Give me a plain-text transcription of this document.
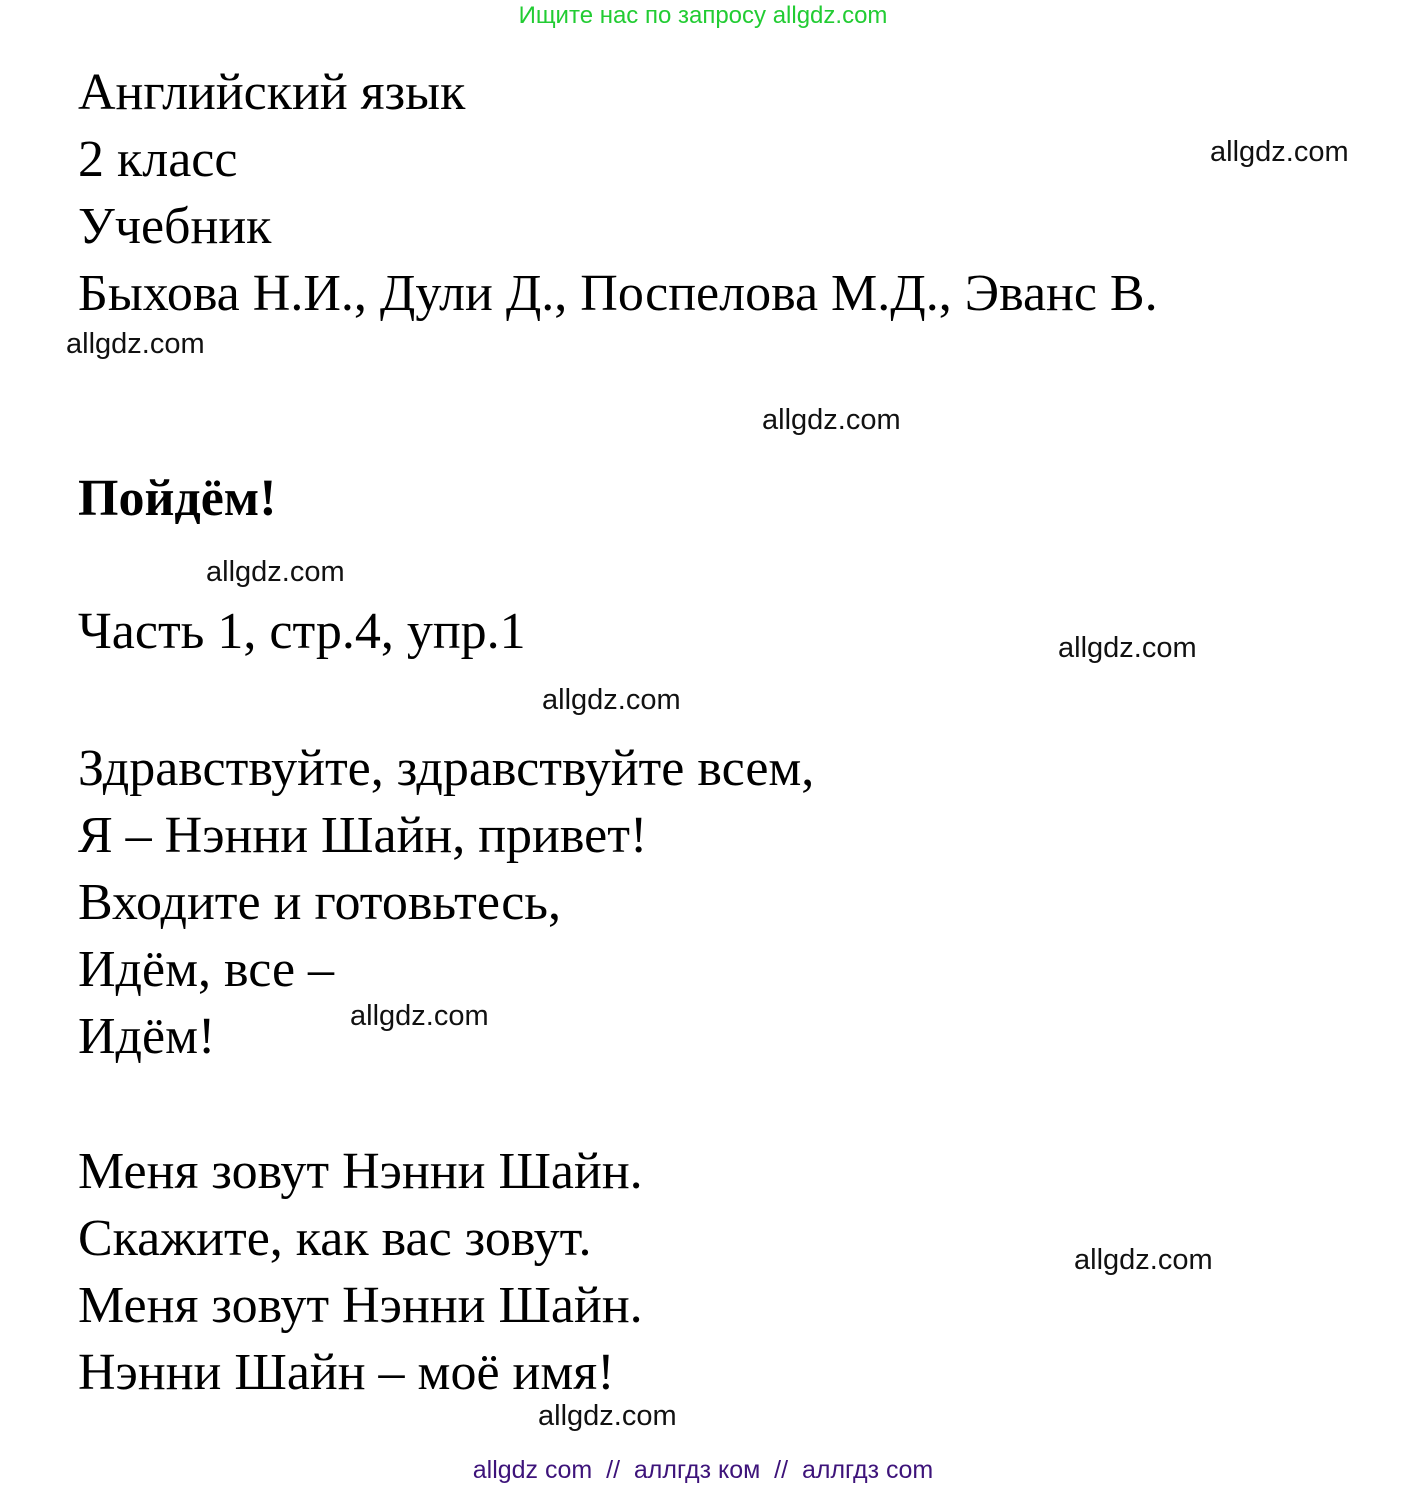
Ищите нас по запросу allgdz.com
Английский язык
2 класс
Учебник
Быхова Н.И., Дули Д., Поспелова М.Д., Эванс В.
Пойдём!
Часть 1, стр.4, упр.1
Здравствуйте, здравствуйте всем,
Я – Нэнни Шайн, привет!
Входите и готовьтесь,
Идём, все –
Идём!
Меня зовут Нэнни Шайн.
Скажите, как вас зовут.
Меня зовут Нэнни Шайн.
Нэнни Шайн – моё имя!
allgdz.com
allgdz.com
allgdz.com
allgdz.com
allgdz.com
allgdz.com
allgdz.com
allgdz.com
allgdz.com
allgdz com  //  аллгдз ком  //  аллгдз com
